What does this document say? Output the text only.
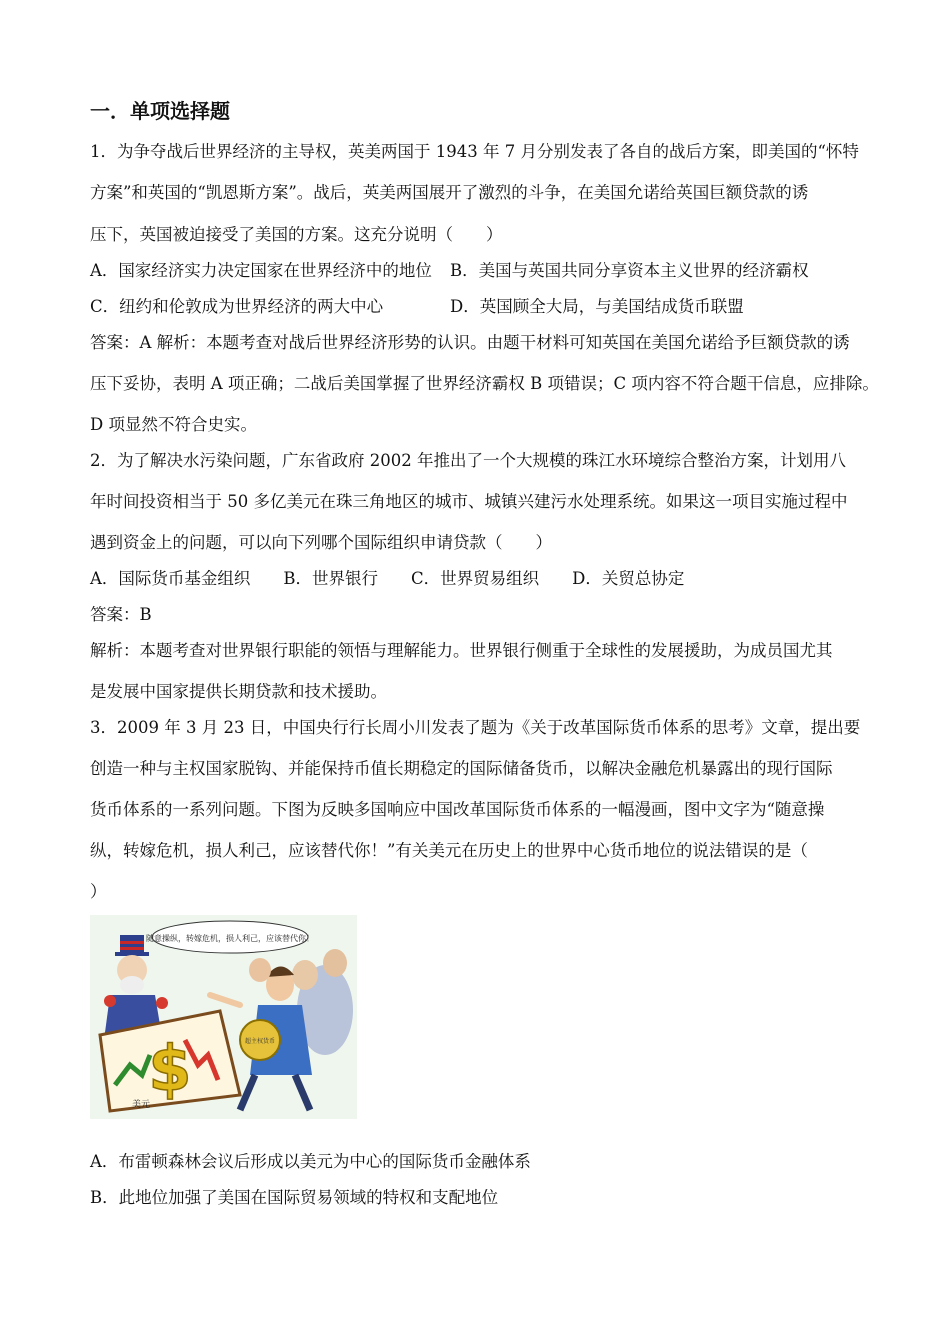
一．单项选择题
1．为争夺战后世界经济的主导权，英美两国于 1943 年 7 月分别发表了各自的战后方案，即美国的“怀特
方案”和英国的“凯恩斯方案”。战后，英美两国展开了激烈的斗争，在美国允诺给英国巨额贷款的诱
压下，英国被迫接受了美国的方案。这充分说明（　　）
A．国家经济实力决定国家在世界经济中的地位 B．美国与英国共同分享资本主义世界的经济霸权
C．纽约和伦敦成为世界经济的两大中心	D．英国顾全大局，与美国结成货币联盟
答案：A 解析：本题考查对战后世界经济形势的认识。由题干材料可知英国在美国允诺给予巨额贷款的诱
压下妥协，表明 A 项正确；二战后美国掌握了世界经济霸权 B 项错误；C 项内容不符合题干信息，应排除。
D 项显然不符合史实。
2．为了解决水污染问题，广东省政府 2002 年推出了一个大规模的珠江水环境综合整治方案，计划用八
年时间投资相当于 50 多亿美元在珠三角地区的城市、城镇兴建污水处理系统。如果这一项目实施过程中
遇到资金上的问题，可以向下列哪个国际组织申请贷款（　　）
A．国际货币基金组织　　B．世界银行　　C．世界贸易组织　　D．关贸总协定
答案：B
解析：本题考查对世界银行职能的领悟与理解能力。世界银行侧重于全球性的发展援助，为成员国尤其
是发展中国家提供长期贷款和技术援助。
3．2009 年 3 月 23 日，中国央行行长周小川发表了题为《关于改革国际货币体系的思考》文章，提出要
创造一种与主权国家脱钩、并能保持币值长期稳定的国际储备货币，以解决金融危机暴露出的现行国际
货币体系的一系列问题。下图为反映多国响应中国改革国际货币体系的一幅漫画，图中文字为“随意操
纵，转嫁危机，损人利己，应该替代你！”有关美元在历史上的世界中心货币地位的说法错误的是（
）
随意操纵，转嫁危机，损人利己，应该替代你！
$
美元
超主权货币
A．布雷顿森林会议后形成以美元为中心的国际货币金融体系
B．此地位加强了美国在国际贸易领域的特权和支配地位
